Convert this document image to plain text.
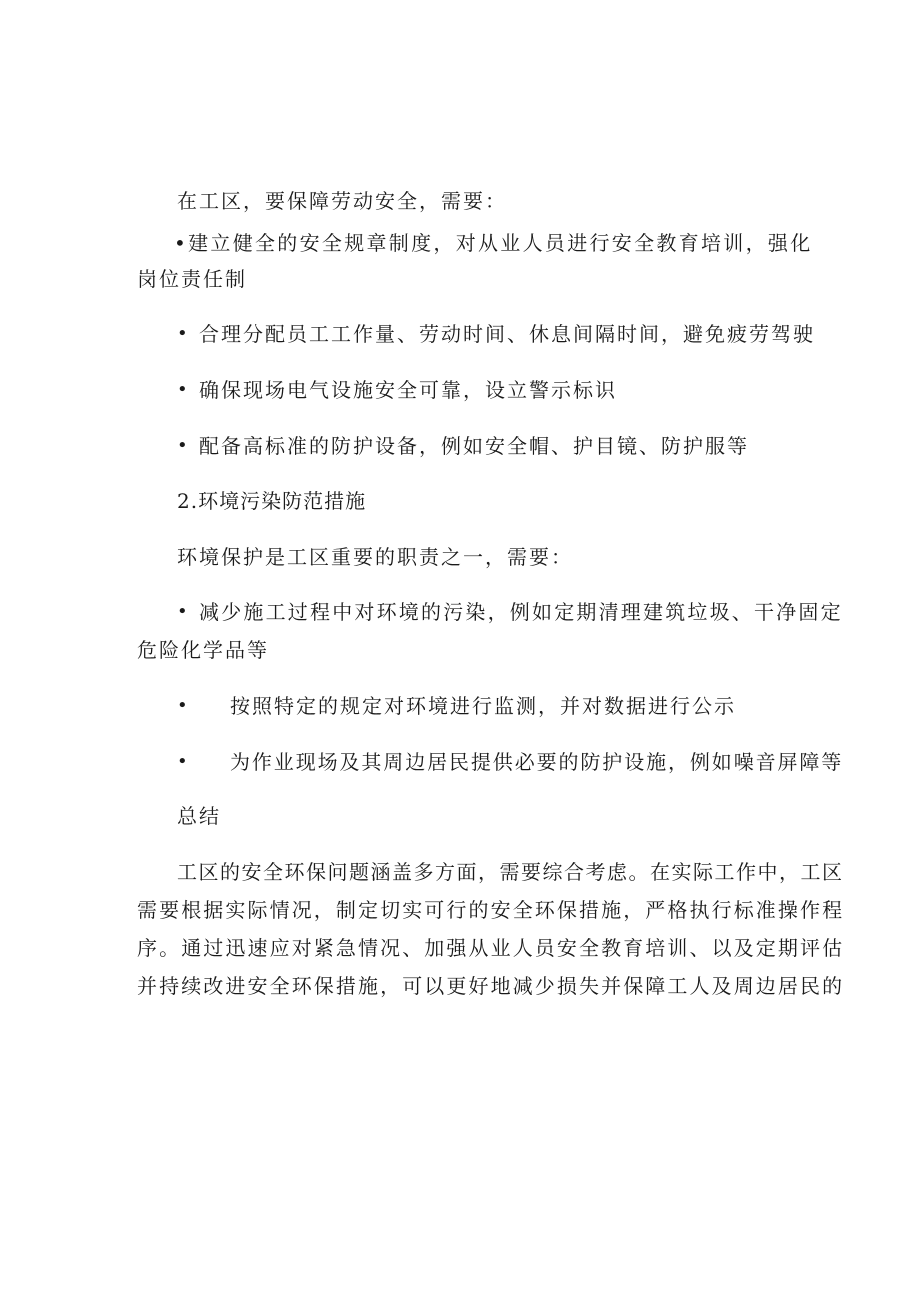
在工区，要保障劳动安全，需要：
•建立健全的安全规章制度，对从业人员进行安全教育培训，强化
岗位责任制
• 合理分配员工工作量、劳动时间、休息间隔时间，避免疲劳驾驶
• 确保现场电气设施安全可靠，设立警示标识
• 配备高标准的防护设备，例如安全帽、护目镜、防护服等
2.环境污染防范措施
环境保护是工区重要的职责之一，需要：
• 减少施工过程中对环境的污染，例如定期清理建筑垃圾、干净固定
危险化学品等
• 按照特定的规定对环境进行监测，并对数据进行公示
• 为作业现场及其周边居民提供必要的防护设施，例如噪音屏障等
总结
工区的安全环保问题涵盖多方面，需要综合考虑。在实际工作中，工区
需要根据实际情况，制定切实可行的安全环保措施，严格执行标准操作程
序。通过迅速应对紧急情况、加强从业人员安全教育培训、以及定期评估
并持续改进安全环保措施，可以更好地减少损失并保障工人及周边居民的
